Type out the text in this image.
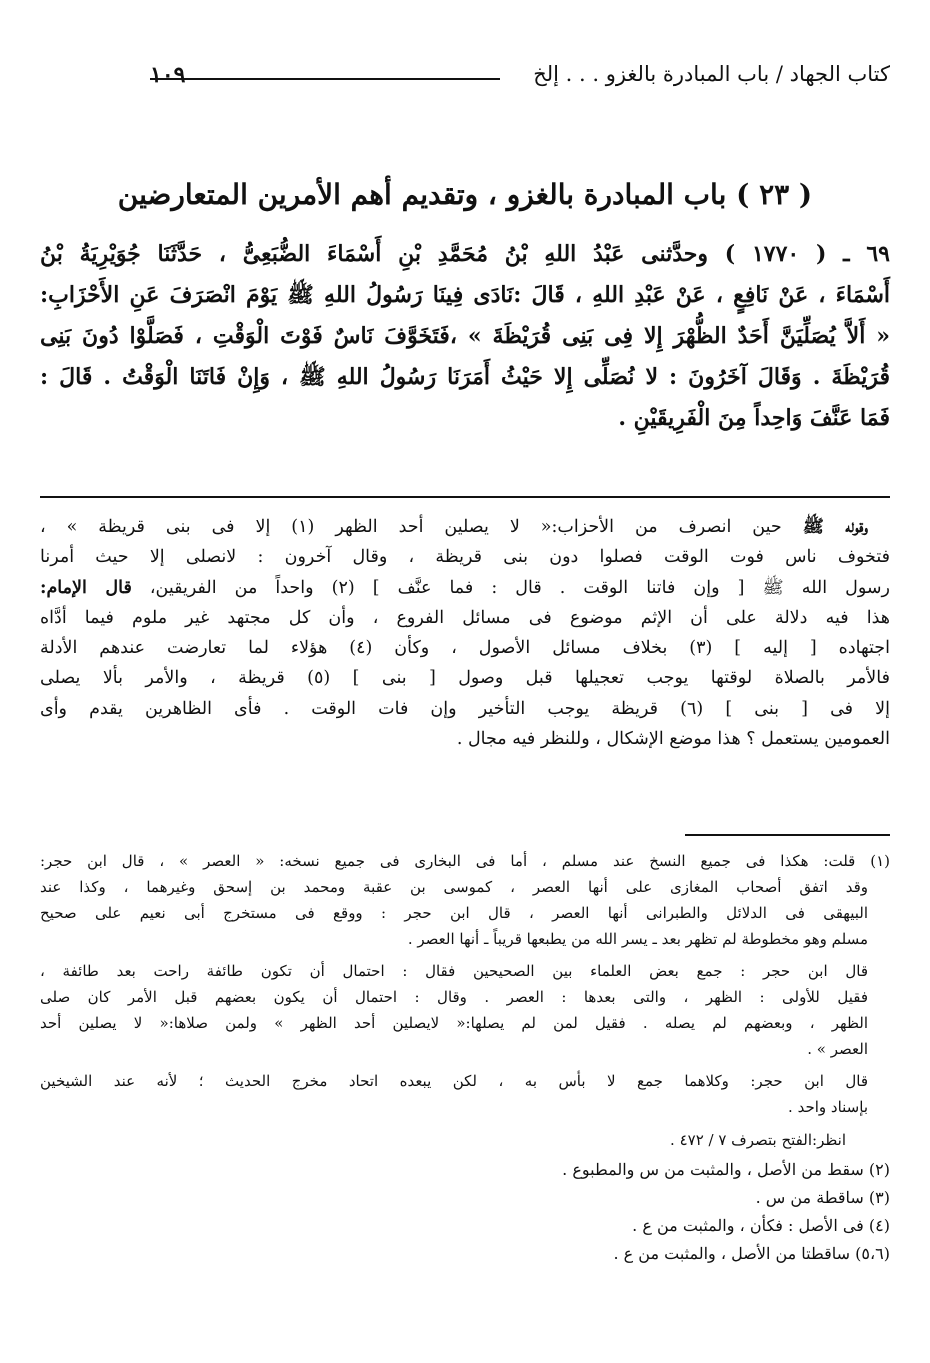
كتاب الجهاد / باب المبادرة بالغزو . . . إلخ
١٠٩
( ٢٣ ) باب المبادرة بالغزو ، وتقديم أهم الأمرين المتعارضين
٦٩ ـ ( ١٧٧٠ ) وحدَّثنى عَبْدُ اللهِ بْنُ مُحَمَّدِ بْنِ أَسْمَاءَ الضُّبَعِىُّ ، حَدَّثَنَا جُوَيْرِيَةُ بْنُ
أَسْمَاءَ ، عَنْ نَافِعٍ ، عَنْ عَبْدِ اللهِ ، قَالَ :نَادَى فِينَا رَسُولُ اللهِ ﷺ يَوْمَ انْصَرَفَ عَنِ الأَحْزَابِ:
« أَلاَّ يُصَلِّيَنَّ أَحَدٌ الظُّهْرَ إِلا فِى بَنِى قُرَيْظَةَ » ،فَتَخَوَّفَ نَاسٌ فَوْتَ الْوَقْتِ ، فَصَلَّوْا دُونَ بَنِى
قُرَيْظَةَ . وَقَالَ آخَرُونَ : لا نُصَلِّى إِلا حَيْثُ أَمَرَنَا رَسُولُ اللهِ ﷺ ، وَإِنْ فَاتَنَا الْوَقْتُ . قَالَ :
فَمَا عَنَّفَ وَاحِداً مِنَ الْفَرِيقَيْنِ .
وقوله ﷺ حين انصرف من الأحزاب:« لا يصلين أحد الظهر (١) إلا فى بنى قريظة » ،
فتخوف ناس فوت الوقت فصلوا دون بنى قريظة ، وقال آخرون : لانصلى إلا حيث أمرنا
رسول الله ﷺ [ وإن فاتنا الوقت . قال : فما عنَّف ] (٢) واحداً من الفريقين، قال الإمام:
هذا فيه دلالة على أن الإثم موضوع فى مسائل الفروع ، وأن كل مجتهد غير ملوم فيما أدَّاه
اجتهاده [ إليه ] (٣) بخلاف مسائل الأصول ، وكأن (٤) هؤلاء لما تعارضت عندهم الأدلة
فالأمر بالصلاة لوقتها يوجب تعجيلها قبل وصول [ بنى ] (٥) قريظة ، والأمر بألا يصلى
إلا فى [ بنى ] (٦) قريظة يوجب التأخير وإن فات الوقت . فأى الظاهرين يقدم وأى
العمومين يستعمل ؟ هذا موضع الإشكال ، وللنظر فيه مجال .
(١) قلت: هكذا فى جميع النسخ عند مسلم ، أما فى البخارى فى جميع نسخه: « العصر » ، قال ابن حجر:
وقد اتفق أصحاب المغازى على أنها العصر ، كموسى بن عقبة ومحمد بن إسحق وغيرهما ، وكذا عند
البيهقى فى الدلائل والطبرانى أنها العصر ، قال ابن حجر : ووقع فى مستخرج أبى نعيم على صحيح
مسلم وهو مخطوطة لم تظهر بعد ـ يسر الله من يطبعها قريباً ـ أنها العصر .
قال ابن حجر : جمع بعض العلماء بين الصحيحين فقال : احتمال أن تكون طائفة راحت بعد طائفة ،
فقيل للأولى : الظهر ، والتى بعدها : العصر . وقال : احتمال أن يكون بعضهم قبل الأمر كان صلى
الظهر ، وبعضهم لم يصله . فقيل لمن لم يصلها:« لايصلين أحد الظهر » ولمن صلاها:« لا يصلين أحد
العصر » .
قال ابن حجر: وكلاهما جمع لا بأس به ، لكن يبعده اتحاد مخرج الحديث ؛ لأنه عند الشيخين
بإسناد واحد .
انظر:الفتح بتصرف ٧ / ٤٧٢ .
(٢) سقط من الأصل ، والمثبت من س والمطبوع .
(٣) ساقطة من س .
(٤) فى الأصل : فكأن ، والمثبت من ع .
(٥،٦) ساقطتا من الأصل ، والمثبت من ع .
